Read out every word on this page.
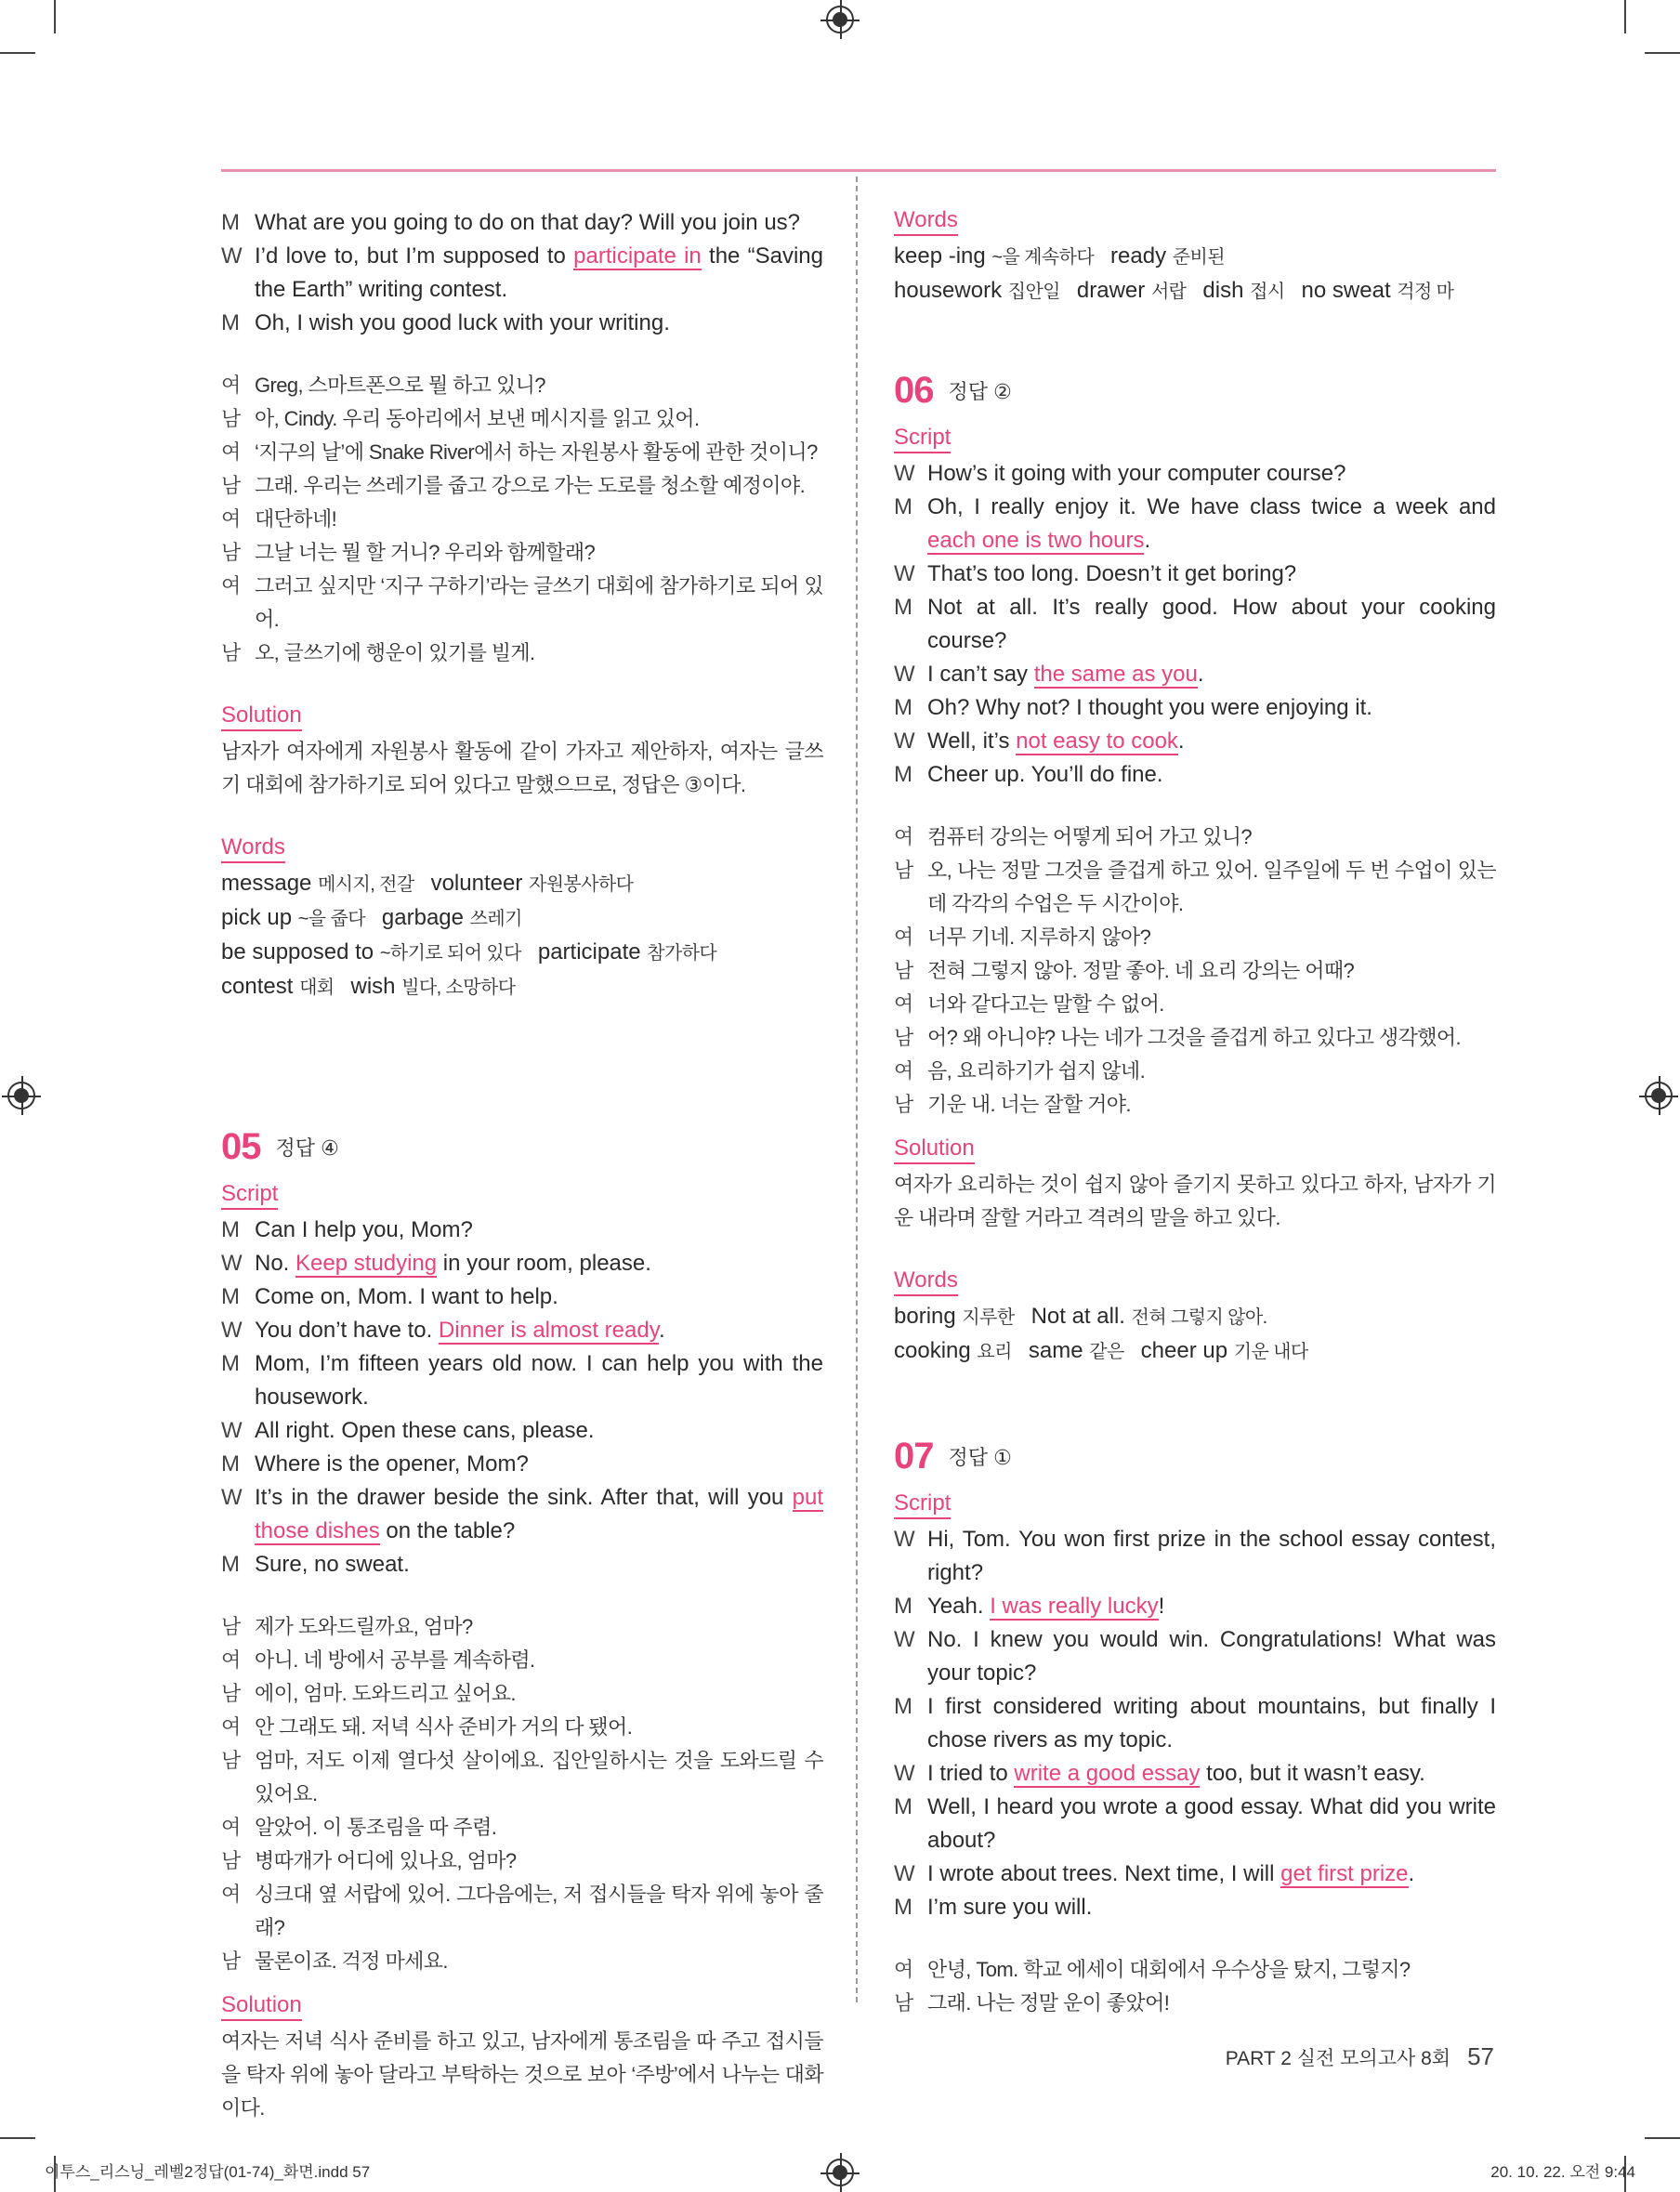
M What are you going to do on that day? Will you join us?
W I’d love to, but I’m supposed to participate in the “Saving the Earth” writing contest.
M Oh, I wish you good luck with your writing.
여 Greg, 스마트폰으로 뭘 하고 있니?
남 아, Cindy. 우리 동아리에서 보낸 메시지를 읽고 있어.
여 ‘지구의 날’에 Snake River에서 하는 자원봉사 활동에 관한 것이니?
남 그래. 우리는 쓰레기를 줍고 강으로 가는 도로를 청소할 예정이야.
여 대단하네!
남 그날 너는 뭘 할 거니? 우리와 함께할래?
여 그러고 싶지만 ‘지구 구하기’라는 글쓰기 대회에 참가하기로 되어 있어.
남 오, 글쓰기에 행운이 있기를 빌게.
Solution
남자가 여자에게 자원봉사 활동에 같이 가자고 제안하자, 여자는 글쓰기 대회에 참가하기로 되어 있다고 말했으므로, 정답은 ③이다.
Words
message 메시지, 전갈 volunteer 자원봉사하다
pick up ~을 줍다 garbage 쓰레기
be supposed to ~하기로 되어 있다 participate 참가하다
contest 대회 wish 빌다, 소망하다
05 정답 ④
Script
M Can I help you, Mom?
W No. Keep studying in your room, please.
M Come on, Mom. I want to help.
W You don’t have to. Dinner is almost ready.
M Mom, I’m fifteen years old now. I can help you with the housework.
W All right. Open these cans, please.
M Where is the opener, Mom?
W It’s in the drawer beside the sink. After that, will you put those dishes on the table?
M Sure, no sweat.
남 제가 도와드릴까요, 엄마?
여 아니. 네 방에서 공부를 계속하렴.
남 에이, 엄마. 도와드리고 싶어요.
여 안 그래도 돼. 저녁 식사 준비가 거의 다 됐어.
남 엄마, 저도 이제 열다섯 살이에요. 집안일하시는 것을 도와드릴 수 있어요.
여 알았어. 이 통조림을 따 주렴.
남 병따개가 어디에 있나요, 엄마?
여 싱크대 옆 서랍에 있어. 그다음에는, 저 접시들을 탁자 위에 놓아 줄래?
남 물론이죠. 걱정 마세요.
Solution
여자는 저녁 식사 준비를 하고 있고, 남자에게 통조림을 따 주고 접시들을 탁자 위에 놓아 달라고 부탁하는 것으로 보아 ‘주방’에서 나누는 대화이다.
Words
keep -ing ~을 계속하다 ready 준비된
housework 집안일 drawer 서랍 dish 접시 no sweat 걱정 마
06 정답 ②
Script
W How’s it going with your computer course?
M Oh, I really enjoy it. We have class twice a week and each one is two hours.
W That’s too long. Doesn’t it get boring?
M Not at all. It’s really good. How about your cooking course?
W I can’t say the same as you.
M Oh? Why not? I thought you were enjoying it.
W Well, it’s not easy to cook.
M Cheer up. You’ll do fine.
여 컴퓨터 강의는 어떻게 되어 가고 있니?
남 오, 나는 정말 그것을 즐겁게 하고 있어. 일주일에 두 번 수업이 있는데 각각의 수업은 두 시간이야.
여 너무 기네. 지루하지 않아?
남 전혀 그렇지 않아. 정말 좋아. 네 요리 강의는 어때?
여 너와 같다고는 말할 수 없어.
남 어? 왜 아니야? 나는 네가 그것을 즐겁게 하고 있다고 생각했어.
여 음, 요리하기가 쉽지 않네.
남 기운 내. 너는 잘할 거야.
Solution
여자가 요리하는 것이 쉽지 않아 즐기지 못하고 있다고 하자, 남자가 기운 내라며 잘할 거라고 격려의 말을 하고 있다.
Words
boring 지루한 Not at all. 전혀 그렇지 않아.
cooking 요리 same 같은 cheer up 기운 내다
07 정답 ①
Script
W Hi, Tom. You won first prize in the school essay contest, right?
M Yeah. I was really lucky!
W No. I knew you would win. Congratulations! What was your topic?
M I first considered writing about mountains, but finally I chose rivers as my topic.
W I tried to write a good essay too, but it wasn’t easy.
M Well, I heard you wrote a good essay. What did you write about?
W I wrote about trees. Next time, I will get first prize.
M I’m sure you will.
여 안녕, Tom. 학교 에세이 대회에서 우수상을 탔지, 그렇지?
남 그래. 나는 정말 운이 좋았어!
PART 2 실전 모의고사 8회 57
이투스_리스닝_레벨2정답(01-74)_화면.indd 57	20. 10. 22. 오전 9:44
